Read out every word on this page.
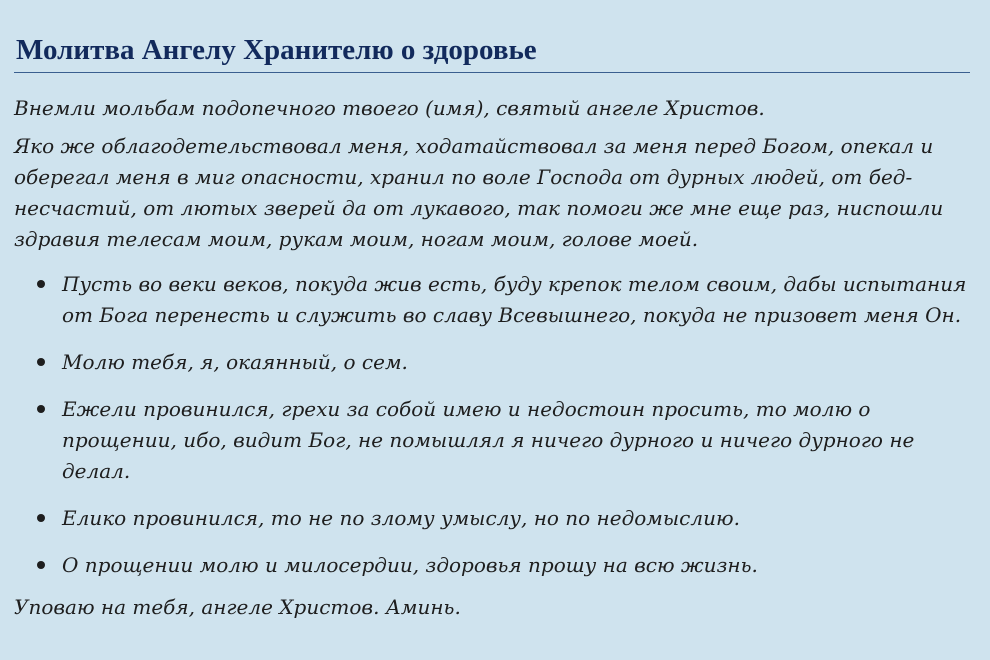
Молитва Ангелу Хранителю о здоровье

Внемли мольбам подопечного твоего (имя), святый ангеле Христов.

Яко же облагодетельствовал меня, ходатайствовал за меня перед Богом, опекал и оберегал меня в миг опасности, хранил по воле Господа от дурных людей, от бед-несчастий, от лютых зверей да от лукавого, так помоги же мне еще раз, ниспошли здравия телесам моим, рукам моим, ногам моим, голове моей.

Пусть во веки веков, покуда жив есть, буду крепок телом своим, дабы испытания от Бога перенесть и служить во славу Всевышнего, покуда не призовет меня Он.
Молю тебя, я, окаянный, о сем.
Ежели провинился, грехи за собой имею и недостоин просить, то молю о прощении, ибо, видит Бог, не помышлял я ничего дурного и ничего дурного не делал.
Елико провинился, то не по злому умыслу, но по недомыслию.
О прощении молю и милосердии, здоровья прошу на всю жизнь.

Уповаю на тебя, ангеле Христов. Аминь.
